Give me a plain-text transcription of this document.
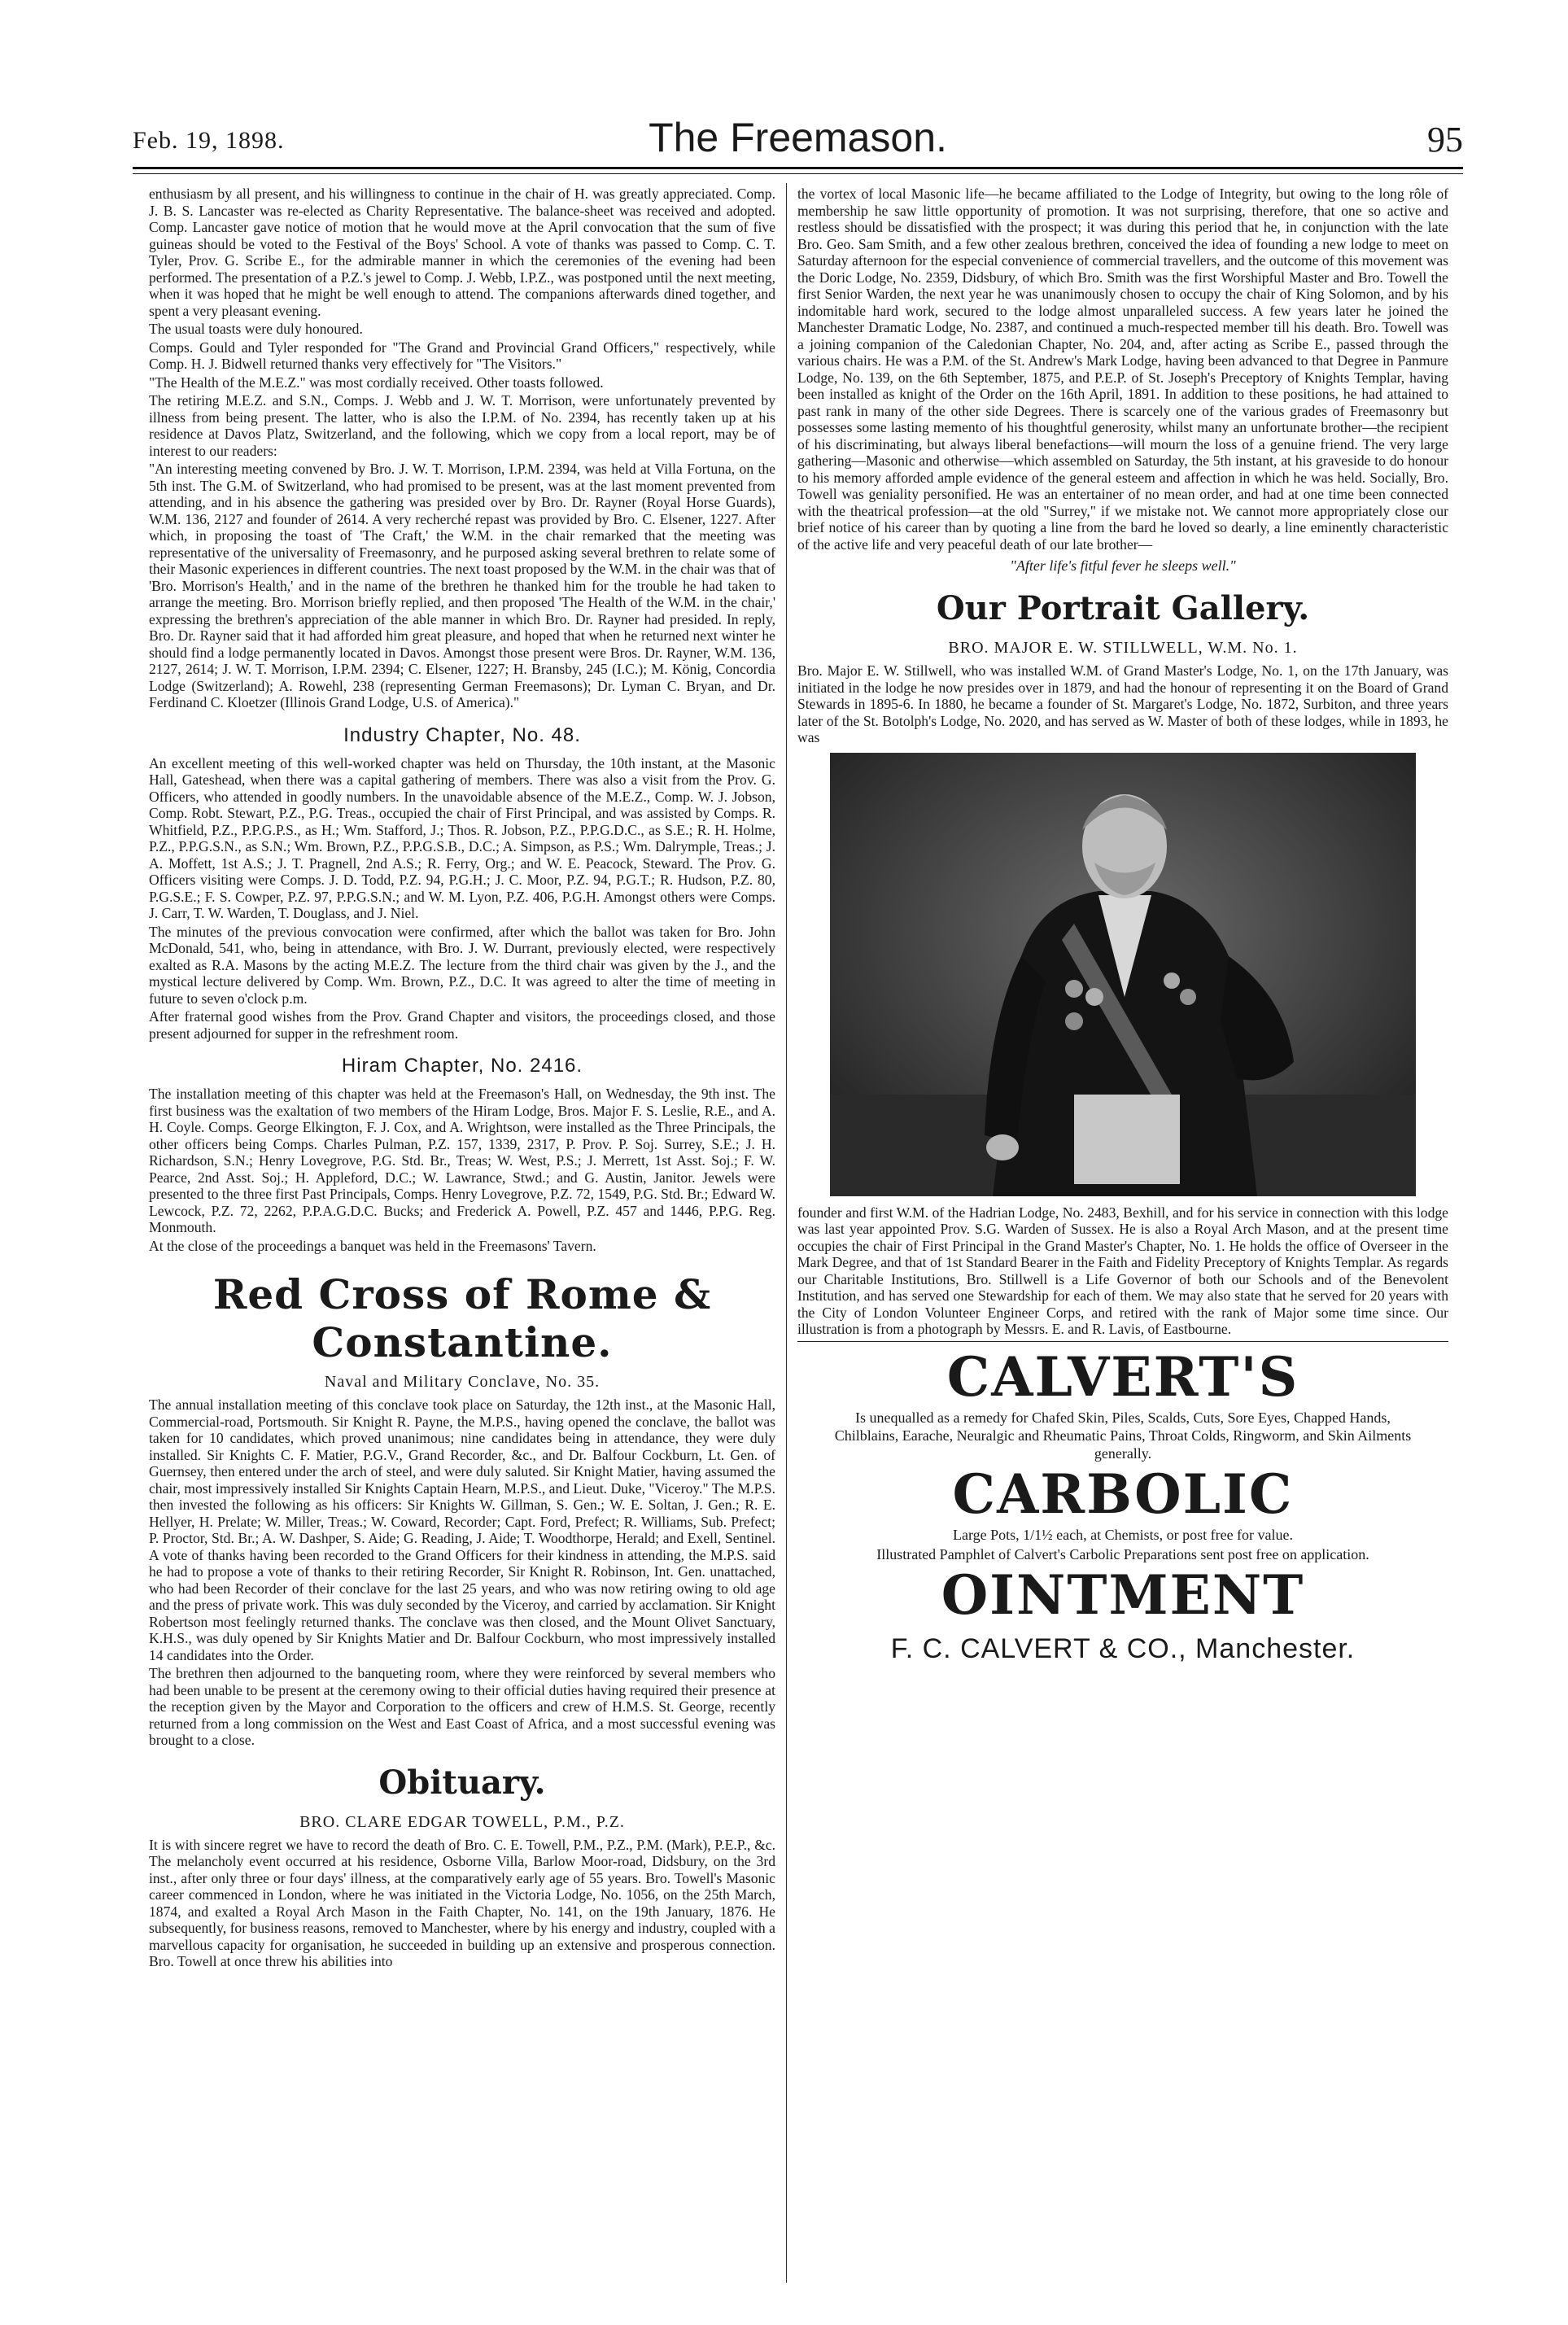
Feb. 19, 1898.	The Freemason.	95

enthusiasm by all present, and his willingness to continue in the chair of H. was greatly appreciated. Comp. J. B. S. Lancaster was re-elected as Charity Representative. The balance-sheet was received and adopted. Comp. Lancaster gave notice of motion that he would move at the April convocation that the sum of five guineas should be voted to the Festival of the Boys' School. A vote of thanks was passed to Comp. C. T. Tyler, Prov. G. Scribe E., for the admirable manner in which the ceremonies of the evening had been performed. The presentation of a P.Z.'s jewel to Comp. J. Webb, I.P.Z., was postponed until the next meeting, when it was hoped that he might be well enough to attend. The companions afterwards dined together, and spent a very pleasant evening.

The usual toasts were duly honoured.

Comps. Gould and Tyler responded for "The Grand and Provincial Grand Officers," respectively, while Comp. H. J. Bidwell returned thanks very effectively for "The Visitors."

"The Health of the M.E.Z." was most cordially received. Other toasts followed.

The retiring M.E.Z. and S.N., Comps. J. Webb and J. W. T. Morrison, were unfortunately prevented by illness from being present. The latter, who is also the I.P.M. of No. 2394, has recently taken up at his residence at Davos Platz, Switzerland, and the following, which we copy from a local report, may be of interest to our readers:

"An interesting meeting convened by Bro. J. W. T. Morrison, I.P.M. 2394, was held at Villa Fortuna, on the 5th inst. The G.M. of Switzerland, who had promised to be present, was at the last moment prevented from attending, and in his absence the gathering was presided over by Bro. Dr. Rayner (Royal Horse Guards), W.M. 136, 2127 and founder of 2614. A very recherché repast was provided by Bro. C. Elsener, 1227. After which, in proposing the toast of 'The Craft,' the W.M. in the chair remarked that the meeting was representative of the universality of Freemasonry, and he purposed asking several brethren to relate some of their Masonic experiences in different countries. The next toast proposed by the W.M. in the chair was that of 'Bro. Morrison's Health,' and in the name of the brethren he thanked him for the trouble he had taken to arrange the meeting. Bro. Morrison briefly replied, and then proposed 'The Health of the W.M. in the chair,' expressing the brethren's appreciation of the able manner in which Bro. Dr. Rayner had presided. In reply, Bro. Dr. Rayner said that it had afforded him great pleasure, and hoped that when he returned next winter he should find a lodge permanently located in Davos. Amongst those present were Bros. Dr. Rayner, W.M. 136, 2127, 2614; J. W. T. Morrison, I.P.M. 2394; C. Elsener, 1227; H. Bransby, 245 (I.C.); M. König, Concordia Lodge (Switzerland); A. Rowehl, 238 (representing German Freemasons); Dr. Lyman C. Bryan, and Dr. Ferdinand C. Kloetzer (Illinois Grand Lodge, U.S. of America)."

Industry Chapter, No. 48.

An excellent meeting of this well-worked chapter was held on Thursday, the 10th instant, at the Masonic Hall, Gateshead, when there was a capital gathering of members. There was also a visit from the Prov. G. Officers, who attended in goodly numbers. In the unavoidable absence of the M.E.Z., Comp. W. J. Jobson, Comp. Robt. Stewart, P.Z., P.G. Treas., occupied the chair of First Principal, and was assisted by Comps. R. Whitfield, P.Z., P.P.G.P.S., as H.; Wm. Stafford, J.; Thos. R. Jobson, P.Z., P.P.G.D.C., as S.E.; R. H. Holme, P.Z., P.P.G.S.N., as S.N.; Wm. Brown, P.Z., P.P.G.S.B., D.C.; A. Simpson, as P.S.; Wm. Dalrymple, Treas.; J. A. Moffett, 1st A.S.; J. T. Pragnell, 2nd A.S.; R. Ferry, Org.; and W. E. Peacock, Steward. The Prov. G. Officers visiting were Comps. J. D. Todd, P.Z. 94, P.G.H.; J. C. Moor, P.Z. 94, P.G.T.; R. Hudson, P.Z. 80, P.G.S.E.; F. S. Cowper, P.Z. 97, P.P.G.S.N.; and W. M. Lyon, P.Z. 406, P.G.H. Amongst others were Comps. J. Carr, T. W. Warden, T. Douglass, and J. Niel.

The minutes of the previous convocation were confirmed, after which the ballot was taken for Bro. John McDonald, 541, who, being in attendance, with Bro. J. W. Durrant, previously elected, were respectively exalted as R.A. Masons by the acting M.E.Z. The lecture from the third chair was given by the J., and the mystical lecture delivered by Comp. Wm. Brown, P.Z., D.C. It was agreed to alter the time of meeting in future to seven o'clock p.m.

After fraternal good wishes from the Prov. Grand Chapter and visitors, the proceedings closed, and those present adjourned for supper in the refreshment room.

Hiram Chapter, No. 2416.

The installation meeting of this chapter was held at the Freemason's Hall, on Wednesday, the 9th inst. The first business was the exaltation of two members of the Hiram Lodge, Bros. Major F. S. Leslie, R.E., and A. H. Coyle. Comps. George Elkington, F. J. Cox, and A. Wrightson, were installed as the Three Principals, the other officers being Comps. Charles Pulman, P.Z. 157, 1339, 2317, P. Prov. P. Soj. Surrey, S.E.; J. H. Richardson, S.N.; Henry Lovegrove, P.G. Std. Br., Treas; W. West, P.S.; J. Merrett, 1st Asst. Soj.; F. W. Pearce, 2nd Asst. Soj.; H. Appleford, D.C.; W. Lawrance, Stwd.; and G. Austin, Janitor. Jewels were presented to the three first Past Principals, Comps. Henry Lovegrove, P.Z. 72, 1549, P.G. Std. Br.; Edward W. Lewcock, P.Z. 72, 2262, P.P.A.G.D.C. Bucks; and Frederick A. Powell, P.Z. 457 and 1446, P.P.G. Reg. Monmouth.

At the close of the proceedings a banquet was held in the Freemasons' Tavern.

Red Cross of Rome & Constantine.
Naval and Military Conclave, No. 35.

The annual installation meeting of this conclave took place on Saturday, the 12th inst., at the Masonic Hall, Commercial-road, Portsmouth. Sir Knight R. Payne, the M.P.S., having opened the conclave, the ballot was taken for 10 candidates, which proved unanimous; nine candidates being in attendance, they were duly installed. Sir Knights C. F. Matier, P.G.V., Grand Recorder, &c., and Dr. Balfour Cockburn, Lt. Gen. of Guernsey, then entered under the arch of steel, and were duly saluted. Sir Knight Matier, having assumed the chair, most impressively installed Sir Knights Captain Hearn, M.P.S., and Lieut. Duke, "Viceroy." The M.P.S. then invested the following as his officers: Sir Knights W. Gillman, S. Gen.; W. E. Soltan, J. Gen.; R. E. Hellyer, H. Prelate; W. Miller, Treas.; W. Coward, Recorder; Capt. Ford, Prefect; R. Williams, Sub. Prefect; P. Proctor, Std. Br.; A. W. Dashper, S. Aide; G. Reading, J. Aide; T. Woodthorpe, Herald; and Exell, Sentinel. A vote of thanks having been recorded to the Grand Officers for their kindness in attending, the M.P.S. said he had to propose a vote of thanks to their retiring Recorder, Sir Knight R. Robinson, Int. Gen. unattached, who had been Recorder of their conclave for the last 25 years, and who was now retiring owing to old age and the press of private work. This was duly seconded by the Viceroy, and carried by acclamation. Sir Knight Robertson most feelingly returned thanks. The conclave was then closed, and the Mount Olivet Sanctuary, K.H.S., was duly opened by Sir Knights Matier and Dr. Balfour Cockburn, who most impressively installed 14 candidates into the Order.

The brethren then adjourned to the banqueting room, where they were reinforced by several members who had been unable to be present at the ceremony owing to their official duties having required their presence at the reception given by the Mayor and Corporation to the officers and crew of H.M.S. St. George, recently returned from a long commission on the West and East Coast of Africa, and a most successful evening was brought to a close.

Obituary.
BRO. CLARE EDGAR TOWELL, P.M., P.Z.

It is with sincere regret we have to record the death of Bro. C. E. Towell, P.M., P.Z., P.M. (Mark), P.E.P., &c. The melancholy event occurred at his residence, Osborne Villa, Barlow Moor-road, Didsbury, on the 3rd inst., after only three or four days' illness, at the comparatively early age of 55 years. Bro. Towell's Masonic career commenced in London, where he was initiated in the Victoria Lodge, No. 1056, on the 25th March, 1874, and exalted a Royal Arch Mason in the Faith Chapter, No. 141, on the 19th January, 1876. He subsequently, for business reasons, removed to Manchester, where by his energy and industry, coupled with a marvellous capacity for organisation, he succeeded in building up an extensive and prosperous connection. Bro. Towell at once threw his abilities into

the vortex of local Masonic life—he became affiliated to the Lodge of Integrity, but owing to the long rôle of membership he saw little opportunity of promotion. It was not surprising, therefore, that one so active and restless should be dissatisfied with the prospect; it was during this period that he, in conjunction with the late Bro. Geo. Sam Smith, and a few other zealous brethren, conceived the idea of founding a new lodge to meet on Saturday afternoon for the especial convenience of commercial travellers, and the outcome of this movement was the Doric Lodge, No. 2359, Didsbury, of which Bro. Smith was the first Worshipful Master and Bro. Towell the first Senior Warden, the next year he was unanimously chosen to occupy the chair of King Solomon, and by his indomitable hard work, secured to the lodge almost unparalleled success. A few years later he joined the Manchester Dramatic Lodge, No. 2387, and continued a much-respected member till his death. Bro. Towell was a joining companion of the Caledonian Chapter, No. 204, and, after acting as Scribe E., passed through the various chairs. He was a P.M. of the St. Andrew's Mark Lodge, having been advanced to that Degree in Panmure Lodge, No. 139, on the 6th September, 1875, and P.E.P. of St. Joseph's Preceptory of Knights Templar, having been installed as knight of the Order on the 16th April, 1891. In addition to these positions, he had attained to past rank in many of the other side Degrees. There is scarcely one of the various grades of Freemasonry but possesses some lasting memento of his thoughtful generosity, whilst many an unfortunate brother—the recipient of his discriminating, but always liberal benefactions—will mourn the loss of a genuine friend. The very large gathering—Masonic and otherwise—which assembled on Saturday, the 5th instant, at his graveside to do honour to his memory afforded ample evidence of the general esteem and affection in which he was held. Socially, Bro. Towell was geniality personified. He was an entertainer of no mean order, and had at one time been connected with the theatrical profession—at the old "Surrey," if we mistake not. We cannot more appropriately close our brief notice of his career than by quoting a line from the bard he loved so dearly, a line eminently characteristic of the active life and very peaceful death of our late brother—

"After life's fitful fever he sleeps well."
Our Portrait Gallery.
BRO. MAJOR E. W. STILLWELL, W.M. No. 1.

Bro. Major E. W. Stillwell, who was installed W.M. of Grand Master's Lodge, No. 1, on the 17th January, was initiated in the lodge he now presides over in 1879, and had the honour of representing it on the Board of Grand Stewards in 1895-6. In 1880, he became a founder of St. Margaret's Lodge, No. 1872, Surbiton, and three years later of the St. Botolph's Lodge, No. 2020, and has served as W. Master of both of these lodges, while in 1893, he was

founder and first W.M. of the Hadrian Lodge, No. 2483, Bexhill, and for his service in connection with this lodge was last year appointed Prov. S.G. Warden of Sussex. He is also a Royal Arch Mason, and at the present time occupies the chair of First Principal in the Grand Master's Chapter, No. 1. He holds the office of Overseer in the Mark Degree, and that of 1st Standard Bearer in the Faith and Fidelity Preceptory of Knights Templar. As regards our Charitable Institutions, Bro. Stillwell is a Life Governor of both our Schools and of the Benevolent Institution, and has served one Stewardship for each of them. We may also state that he served for 20 years with the City of London Volunteer Engineer Corps, and retired with the rank of Major some time since. Our illustration is from a photograph by Messrs. E. and R. Lavis, of Eastbourne.

CALVERT'S

Is unequalled as a remedy for Chafed Skin, Piles, Scalds, Cuts, Sore Eyes, Chapped Hands, Chilblains, Earache, Neuralgic and Rheumatic Pains, Throat Colds, Ringworm, and Skin Ailments generally.

CARBOLIC

Large Pots, 1/1½ each, at Chemists, or post free for value.

Illustrated Pamphlet of Calvert's Carbolic Preparations sent post free on application.

OINTMENT
F. C. CALVERT & CO., Manchester.
